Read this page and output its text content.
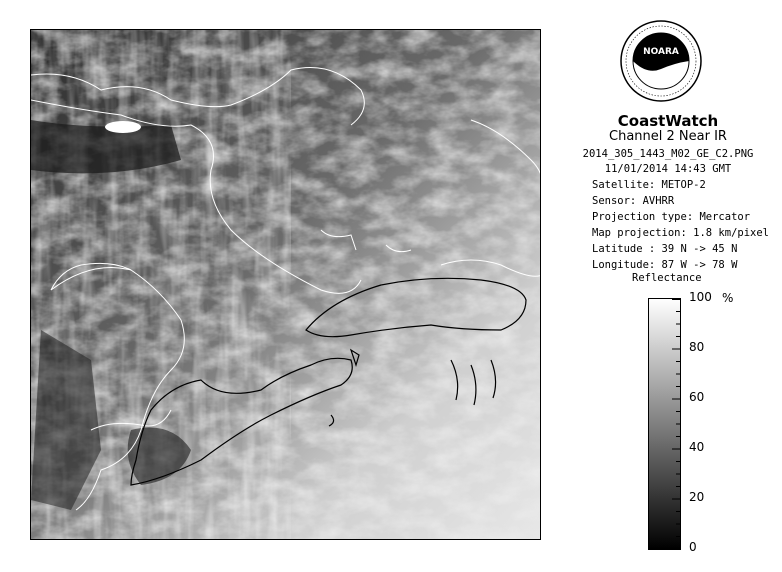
NOARA
CoastWatch
Channel 2 Near IR
2014_305_1443_M02_GE_C2.PNG
11/01/2014 14:43 GMT
Satellite: METOP-2
Sensor: AVHRR
Projection type: Mercator
Map projection: 1.8 km/pixel
Latitude : 39 N -> 45 N
Longitude: 87 W -> 78 W
Reflectance
100
80
60
40
20
0
%
